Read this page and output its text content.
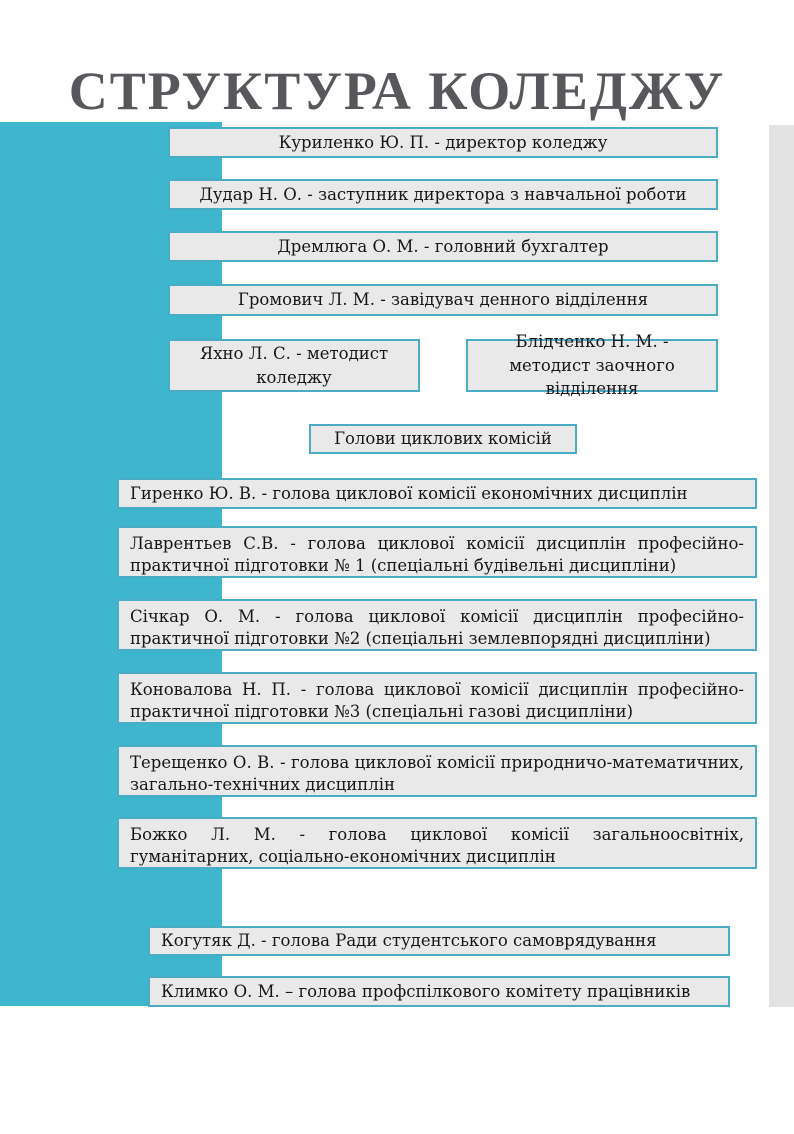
СТРУКТУРА КОЛЕДЖУ
Куриленко Ю. П. - директор коледжу
Дудар Н. О. - заступник директора з навчальної роботи
Дремлюга О. М. - головний бухгалтер
Громович Л. М. - завідувач денного відділення
Яхно Л. С. - методист коледжу
Блідченко Н. М. - методист заочного відділення
Голови циклових комісій
Гиренко Ю. В. - голова циклової комісії економічних дисциплін
Лаврентьев С.В. - голова циклової комісії дисциплін професійно-практичної підготовки № 1 (спеціальні будівельні дисципліни)
Січкар О. М. - голова циклової комісії дисциплін професійно-практичної підготовки №2 (спеціальні землевпорядні дисципліни)
Коновалова Н. П. - голова циклової комісії дисциплін професійно-практичної підготовки №3 (спеціальні газові дисципліни)
Терещенко О. В. - голова циклової комісії природничо-математичних, загально-технічних дисциплін
Божко Л. М. - голова циклової комісії загальноосвітніх, гуманітарних, соціально-економічних дисциплін
Когутяк Д. - голова Ради студентського самоврядування
Климко О. М. – голова профспілкового комітету працівників
